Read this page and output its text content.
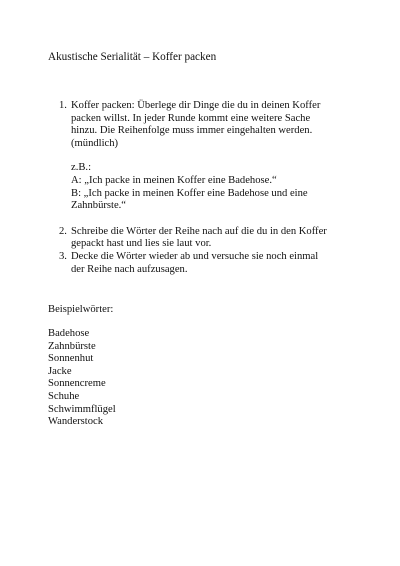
Akustische Serialität – Koffer packen
1. Koffer packen: Überlege dir Dinge die du in deinen Koffer
packen willst. In jeder Runde kommt eine weitere Sache
hinzu. Die Reihenfolge muss immer eingehalten werden.
(mündlich)
z.B.:
A: „Ich packe in meinen Koffer eine Badehose.“
B: „Ich packe in meinen Koffer eine Badehose und eine
Zahnbürste.“
2. Schreibe die Wörter der Reihe nach auf die du in den Koffer
gepackt hast und lies sie laut vor.
3. Decke die Wörter wieder ab und versuche sie noch einmal
der Reihe nach aufzusagen.
Beispielwörter:
Badehose
Zahnbürste
Sonnenhut
Jacke
Sonnencreme
Schuhe
Schwimmflügel
Wanderstock
